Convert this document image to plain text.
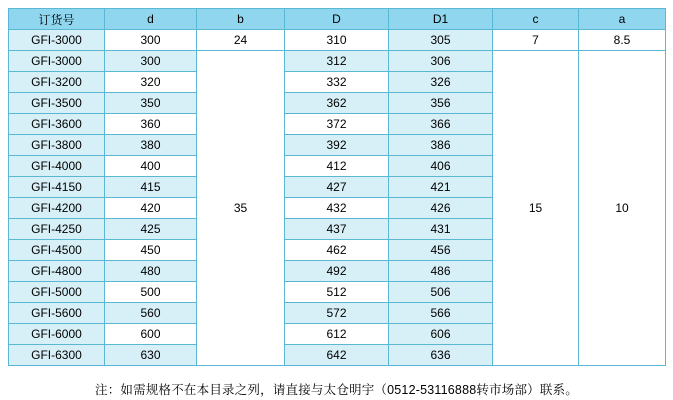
订货号	d	b	D	D1	c	a
GFI-3000	300	24	310	305	7	8.5
GFI-3000	300	35	312	306	15	10
GFI-3200	320		332	326		
GFI-3500	350		362	356		
GFI-3600	360		372	366		
GFI-3800	380		392	386		
GFI-4000	400		412	406		
GFI-4150	415		427	421		
GFI-4200	420		432	426		
GFI-4250	425		437	431		
GFI-4500	450		462	456		
GFI-4800	480		492	486		
GFI-5000	500		512	506		
GFI-5600	560		572	566		
GFI-6000	600		612	606		
GFI-6300	630		642	636		

注：如需规格不在本目录之列，请直接与太仓明宇（0512-53116888转市场部）联系。
